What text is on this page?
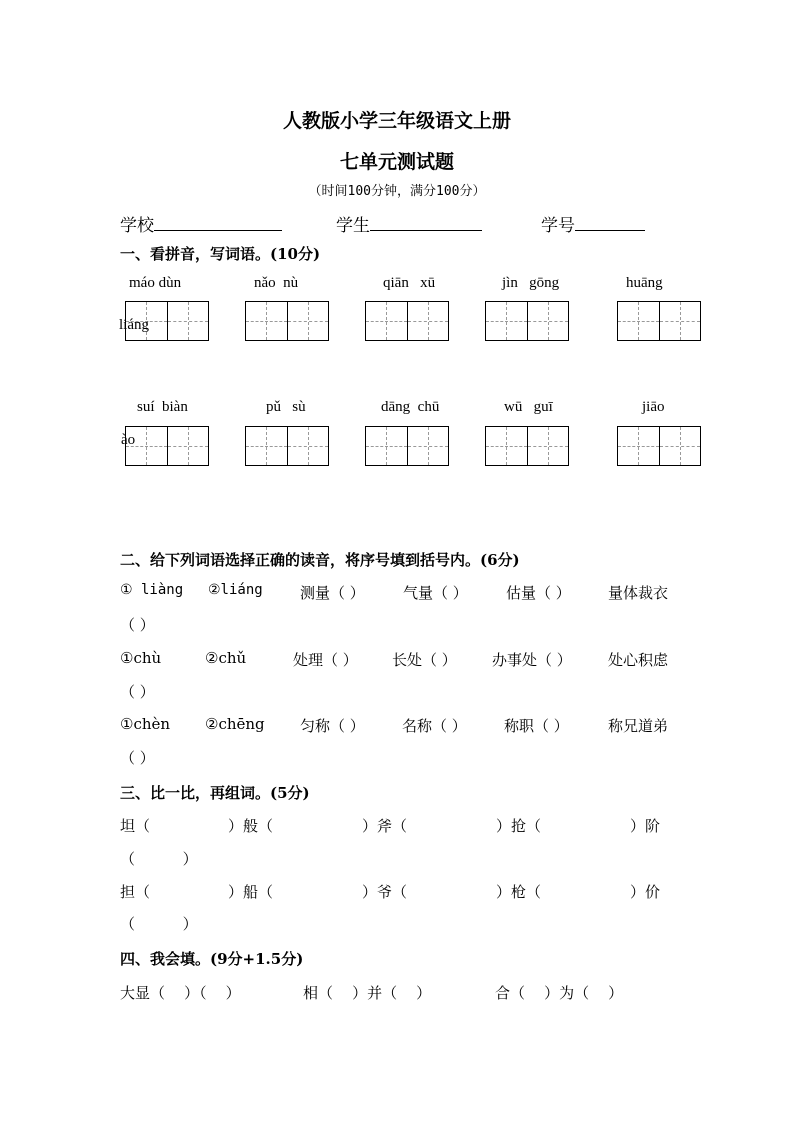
人教版小学三年级语文上册
七单元测试题
（时间100分钟，满分100分）
学校	学生	学号
一、看拼音，写词语。(10分)
máo dùn	nǎo  nù	qiān   xū	jìn   gōng	huāng
liáng
suí  biàn	pǔ   sù	dāng  chū	wū   guī	jiāo
ào
二、给下列词语选择正确的读音，将序号填到括号内。(6分)
① liàng ②liáng 测量（ ）	气量（ ）	估量（ ） 量体裁衣
（ ）
①chù	②chǔ	处理（ ） 长处（ ） 办事处（ ） 处心积虑
（ ）
①chèn ②chēng 匀称（ ） 名称（ ） 称职（ ）	称兄道弟
（ ）
三、比一比，再组词。(5分)
坦（	）般（	）斧（	）抢（	）阶
（          ）
担（	）船（	）爷（	）枪（	）价
（          ）
四、我会填。(9分+1.5分)
大显（    ）（    ）	相（    ）并（    ）	合（    ）为（    ）
